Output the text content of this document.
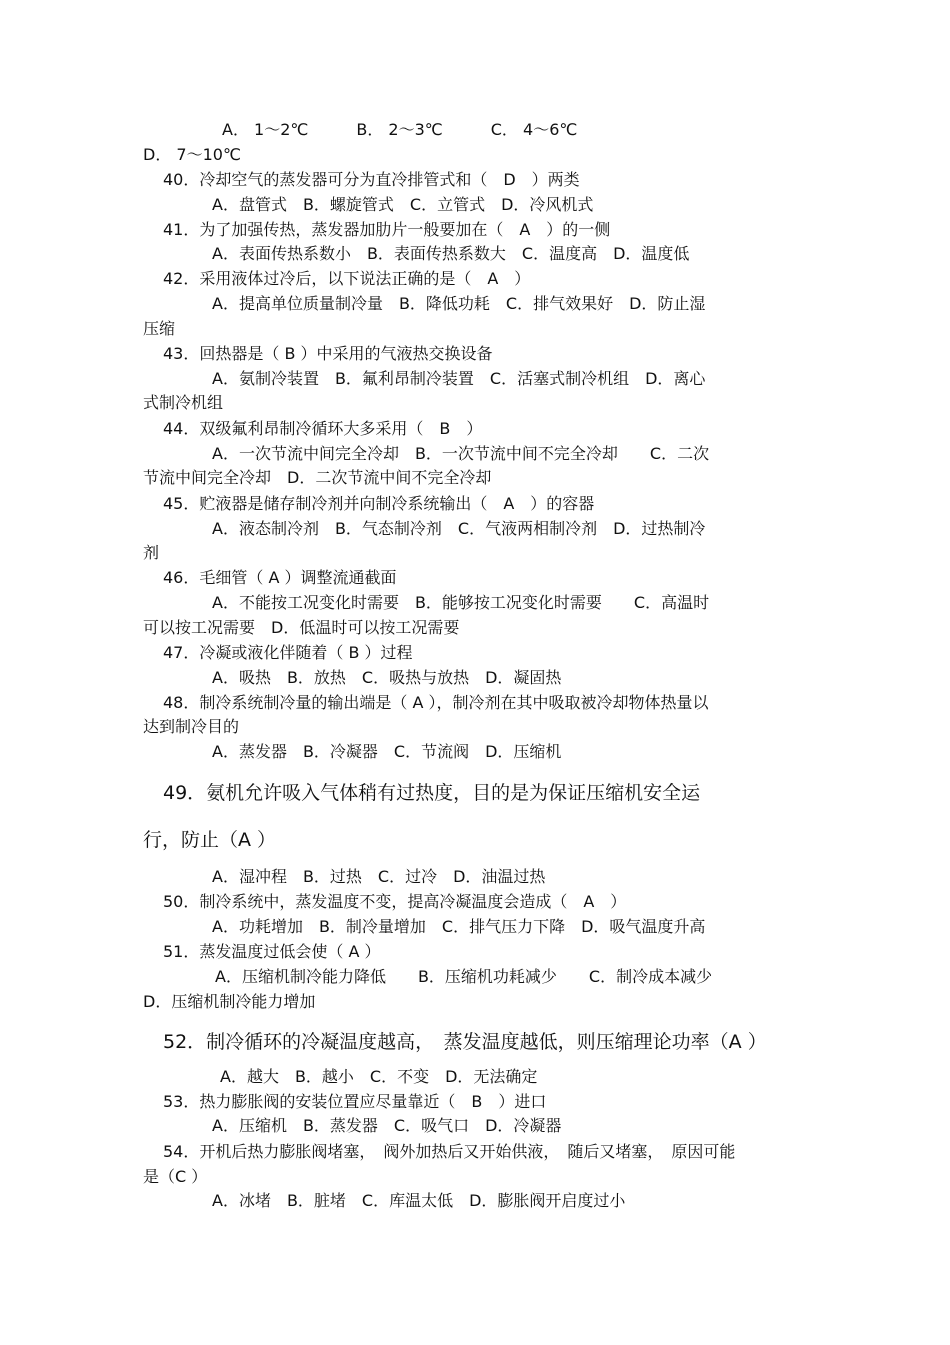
A． 1～2℃　　　B． 2～3℃　　　C． 4～6℃
D． 7～10℃
40．冷却空气的蒸发器可分为直冷排管式和（　D　）两类
A．盘管式　B．螺旋管式　C．立管式　D．冷风机式
41．为了加强传热，蒸发器加肋片一般要加在（　A　）的一侧
A．表面传热系数小　B．表面传热系数大　C．温度高　D．温度低
42．采用液体过冷后，以下说法正确的是（　A　）
A．提高单位质量制冷量　B．降低功耗　C．排气效果好　D．防止湿
压缩
43．回热器是（ B ）中采用的气液热交换设备
A．氨制冷装置　B．氟利昂制冷装置　C．活塞式制冷机组　D．离心
式制冷机组
44．双级氟利昂制冷循环大多采用（　B　）
A．一次节流中间完全冷却　B．一次节流中间不完全冷却　　C．二次
节流中间完全冷却　D．二次节流中间不完全冷却
45．贮液器是储存制冷剂并向制冷系统输出（　A　）的容器
A．液态制冷剂　B．气态制冷剂　C．气液两相制冷剂　D．过热制冷
剂
46．毛细管（ A ）调整流通截面
A．不能按工况变化时需要　B．能够按工况变化时需要　　C．高温时
可以按工况需要　D．低温时可以按工况需要
47．冷凝或液化伴随着（ B ）过程
A．吸热　B．放热　C．吸热与放热　D．凝固热
48．制冷系统制冷量的输出端是（ A ），制冷剂在其中吸取被冷却物体热量以
达到制冷目的
A．蒸发器　B．冷凝器　C．节流阀　D．压缩机
49．氨机允许吸入气体稍有过热度，目的是为保证压缩机安全运
行，防止（A ）
A．湿冲程　B．过热　C．过冷　D．油温过热
50．制冷系统中，蒸发温度不变，提高冷凝温度会造成（　A　）
A．功耗增加　B．制冷量增加　C．排气压力下降　D．吸气温度升高
51．蒸发温度过低会使（ A ）
A．压缩机制冷能力降低　　B．压缩机功耗减少　　C．制冷成本减少
D．压缩机制冷能力增加
52．制冷循环的冷凝温度越高，　蒸发温度越低，则压缩理论功率（A ）
A．越大　B．越小　C．不变　D．无法确定
53．热力膨胀阀的安装位置应尽量靠近（　B　）进口
A．压缩机　B．蒸发器　C．吸气口　D．冷凝器
54．开机后热力膨胀阀堵塞，　阀外加热后又开始供液，　随后又堵塞，　原因可能
是（C ）
A．冰堵　B．脏堵　C．库温太低　D．膨胀阀开启度过小
